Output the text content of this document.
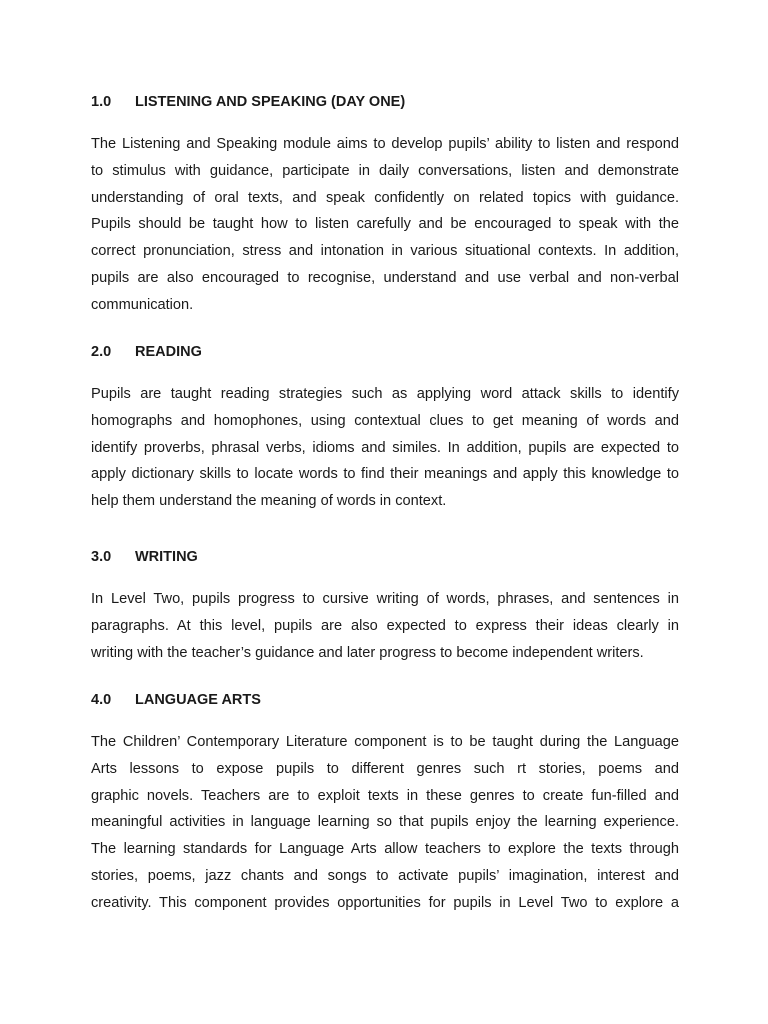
1.0 LISTENING AND SPEAKING (DAY ONE)
The Listening and Speaking module aims to develop pupils’ ability to listen and respond
to stimulus with guidance, participate in daily conversations, listen and demonstrate
understanding of oral texts, and speak confidently on related topics with guidance.
Pupils should be taught how to listen carefully and be encouraged to speak with the
correct pronunciation, stress and intonation in various situational contexts. In addition,
pupils are also encouraged to recognise, understand and use verbal and non-verbal
communication.
2.0 READING
Pupils are taught reading strategies such as applying word attack skills to identify
homographs and homophones, using contextual clues to get meaning of words and
identify proverbs, phrasal verbs, idioms and similes. In addition, pupils are expected to
apply dictionary skills to locate words to find their meanings and apply this knowledge to
help them understand the meaning of words in context.
3.0 WRITING
In Level Two, pupils progress to cursive writing of words, phrases, and sentences in
paragraphs. At this level, pupils are also expected to express their ideas clearly in
writing with the teacher’s guidance and later progress to become independent writers.
4.0 LANGUAGE ARTS
The Children’ Contemporary Literature component is to be taught during the Language
Arts lessons to expose pupils to different genres such rt stories, poems and
graphic novels. Teachers are to exploit texts in these genres to create fun-filled and
meaningful activities in language learning so that pupils enjoy the learning experience.
The learning standards for Language Arts allow teachers to explore the texts through
stories, poems, jazz chants and songs to activate pupils’ imagination, interest and
creativity. This component provides opportunities for pupils in Level Two to explore a
